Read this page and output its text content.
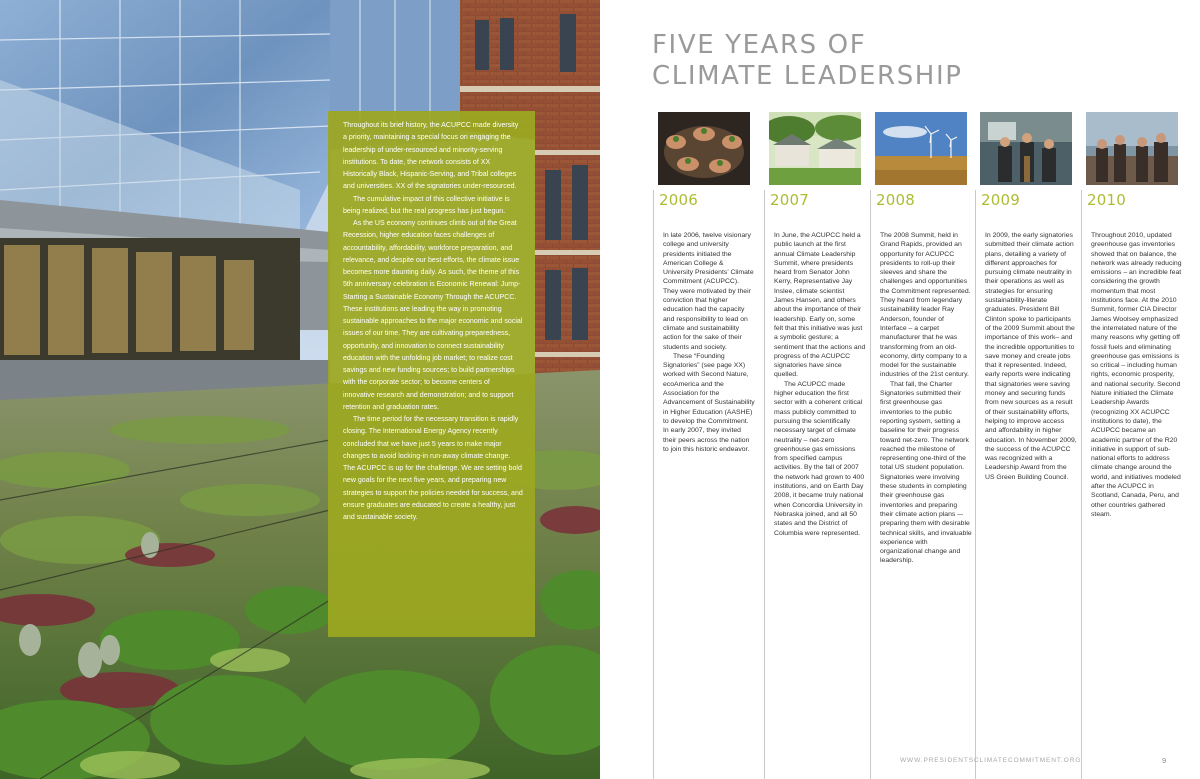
Throughout its brief history, the ACUPCC made diversity a priority, maintaining a special focus on engaging the leadership of under-resourced and minority-serving institutions. To date, the network consists of XX Historically Black, Hispanic-Serving, and Tribal colleges and universities. XX of the signatories under-resourced.

The cumulative impact of this collective initiative is being realized, but the real progress has just begun.

As the US economy continues climb out of the Great Recession, higher education faces challenges of accountability, affordability, workforce preparation, and relevance, and despite our best efforts, the climate issue becomes more daunting daily. As such, the theme of this 5th anniversary celebration is Economic Renewal: Jump-Starting a Sustainable Economy Through the ACUPCC. These institutions are leading the way in promoting sustainable approaches to the major economic and social issues of our time. They are cultivating preparedness, opportunity, and innovation to connect sustainability education with the unfolding job market; to realize cost savings and new funding sources; to build partnerships with the corporate sector; to become centers of innovative research and demonstration; and to support retention and graduation rates.

The time period for the necessary transition is rapidly closing. The International Energy Agency recently concluded that we have just 5 years to make major changes to avoid locking-in run-away climate change. The ACUPCC is up for the challenge. We are setting bold new goals for the next five years, and preparing new strategies to support the policies needed for success, and ensure graduates are educated to create a healthy, just and sustainable society.

FIVE YEARS OF
CLIMATE LEADERSHIP
2006

In late 2006, twelve visionary college and university presidents initiated the American College & University Presidents’ Climate Commitment (ACUPCC). They were motivated by their conviction that higher education had the capacity and responsibility to lead on climate and sustainability action for the sake of their students and society.

These “Founding Signatories” (see page XX) worked with Second Nature, ecoAmerica and the Association for the Advancement of Sustainability in Higher Education (AASHE) to develop the Commitment. In early 2007, they invited their peers across the nation to join this historic endeavor.

2007

In June, the ACUPCC held a public launch at the first annual Climate Leadership Summit, where presidents heard from Senator John Kerry, Representative Jay Inslee, climate scientist James Hansen, and others about the importance of their leadership. Early on, some felt that this initiative was just a symbolic gesture; a sentiment that the actions and progress of the ACUPCC signatories have since quelled.

The ACUPCC made higher education the first sector with a coherent critical mass publicly committed to pursuing the scientifically necessary target of climate neutrality – net-zero greenhouse gas emissions from specified campus activities. By the fall of 2007 the network had grown to 400 institutions, and on Earth Day 2008, it became truly national when Concordia University in Nebraska joined, and all 50 states and the District of Columbia were represented.

2008

The 2008 Summit, held in Grand Rapids, provided an opportunity for ACUPCC presidents to roll-up their sleeves and share the challenges and opportunities the Commitment represented. They heard from legendary sustainability leader Ray Anderson, founder of Interface – a carpet manufacturer that he was transforming from an old-economy, dirty company to a model for the sustainable industries of the 21st century.

That fall, the Charter Signatories submitted their first greenhouse gas inventories to the public reporting system, setting a baseline for their progress toward net-zero. The network reached the milestone of representing one-third of the total US student population. Signatories were involving these students in completing their greenhouse gas inventories and preparing their climate action plans –- preparing them with desirable technical skills, and invaluable experience with organizational change and leadership.

2009

In 2009, the early signatories submitted their climate action plans, detailing a variety of different approaches for pursuing climate neutrality in their operations as well as strategies for ensuring sustainability-literate graduates. President Bill Clinton spoke to participants of the 2009 Summit about the importance of this work– and the incredible opportunities to save money and create jobs that it represented. Indeed, early reports were indicating that signatories were saving money and securing funds from new sources as a result of their sustainability efforts, helping to improve access and affordability in higher education. In November 2009, the success of the ACUPCC was recognized with a Leadership Award from the US Green Building Council.

2010

Throughout 2010, updated greenhouse gas inventories showed that on balance, the network was already reducing emissions – an incredible feat considering the growth momentum that most institutions face. At the 2010 Summit, former CIA Director James Woolsey emphasized the interrelated nature of the many reasons why getting off fossil fuels and eliminating greenhouse gas emissions is so critical – including human rights, economic prosperity, and national security. Second Nature initiated the Climate Leadership Awards (recognizing XX ACUPCC institutions to date), the ACUPCC became an academic partner of the R20 initiative in support of sub-national efforts to address climate change around the world, and initiatives modeled after the ACUPCC in Scotland, Canada, Peru, and other countries gathered steam.

WWW.PRESIDENTSCLIMATECOMMITMENT.ORG	9
